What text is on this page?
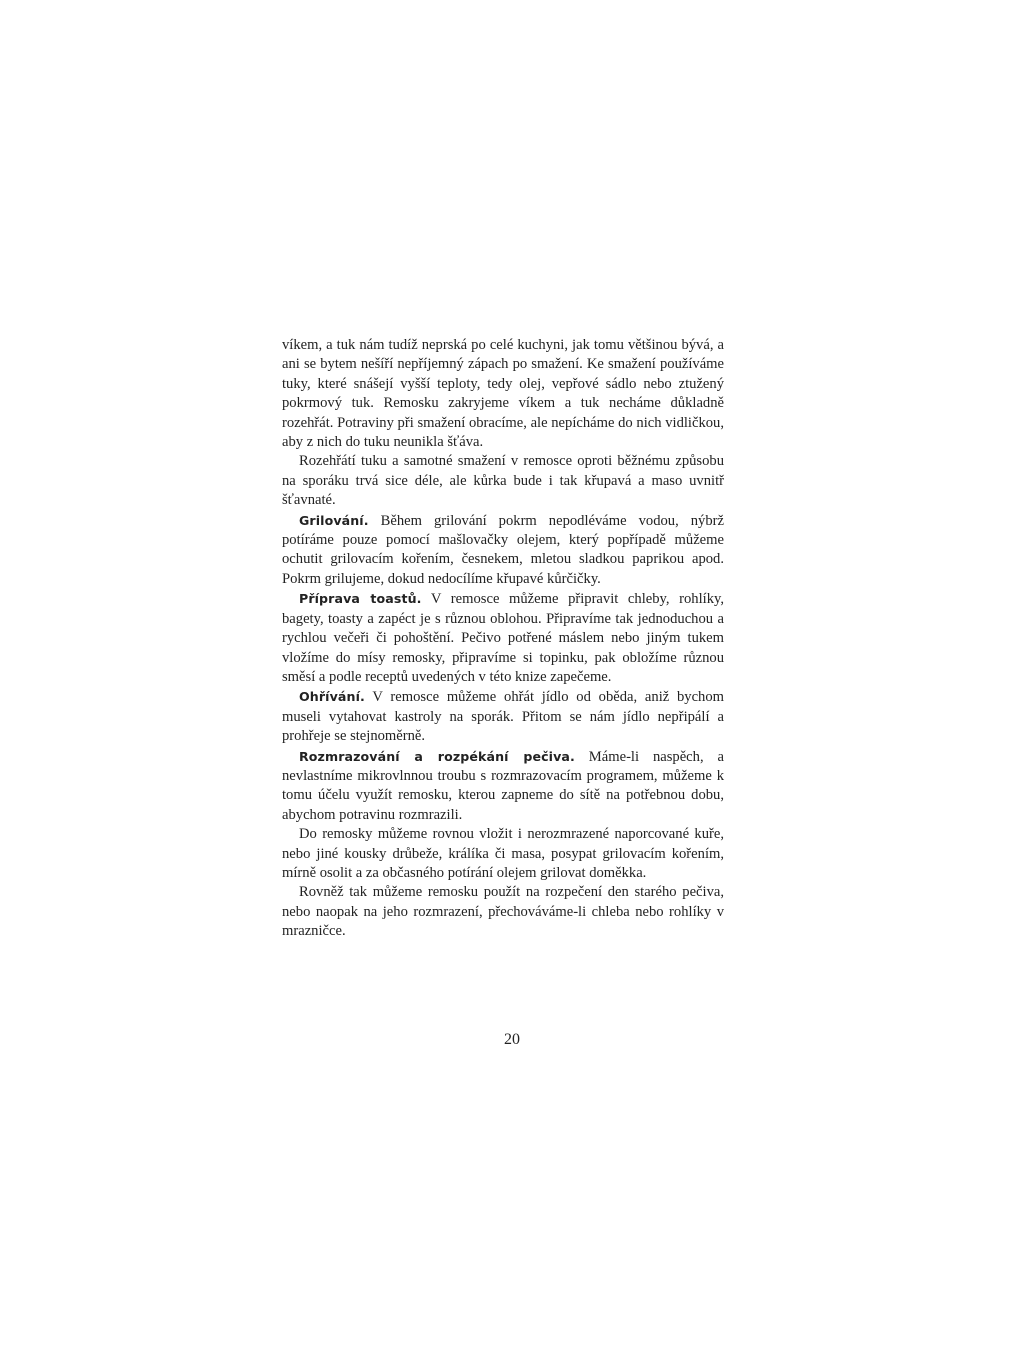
víkem, a tuk nám tudíž neprská po celé kuchyni, jak tomu většinou bývá, a ani se bytem nešíří nepříjemný zápach po smažení. Ke smažení používáme tuky, které snášejí vyšší teploty, tedy olej, vepřové sádlo nebo ztužený pokrmový tuk. Remosku zakryjeme víkem a tuk necháme důkladně rozehřát. Potraviny při smažení obracíme, ale nepícháme do nich vidličkou, aby z nich do tuku neunikla šťáva.

Rozehřátí tuku a samotné smažení v remosce oproti běžnému způsobu na sporáku trvá sice déle, ale kůrka bude i tak křupavá a maso uvnitř šťavnaté.

Grilování. Během grilování pokrm nepodléváme vodou, nýbrž potíráme pouze pomocí mašlovačky olejem, který popřípadě můžeme ochutit grilovacím kořením, česnekem, mletou sladkou paprikou apod. Pokrm grilujeme, dokud nedocílíme křupavé kůrčičky.

Příprava toastů. V remosce můžeme připravit chleby, rohlíky, bagety, toasty a zapéct je s různou oblohou. Připravíme tak jednoduchou a rychlou večeři či pohoštění. Pečivo potřené máslem nebo jiným tukem vložíme do mísy remosky, připravíme si topinku, pak obložíme různou směsí a podle receptů uvedených v této knize zapečeme.

Ohřívání. V remosce můžeme ohřát jídlo od oběda, aniž bychom museli vytahovat kastroly na sporák. Přitom se nám jídlo nepřipálí a prohřeje se stejnoměrně.

Rozmrazování a rozpékání pečiva. Máme-li naspěch, a nevlastníme mikrovlnnou troubu s rozmrazovacím programem, můžeme k tomu účelu využít remosku, kterou zapneme do sítě na potřebnou dobu, abychom potravinu rozmrazili.

Do remosky můžeme rovnou vložit i nerozmrazené naporcované kuře, nebo jiné kousky drůbeže, králíka či masa, posypat grilovacím kořením, mírně osolit a za občasného potírání olejem grilovat doměkka.

Rovněž tak můžeme remosku použít na rozpečení den starého pečiva, nebo naopak na jeho rozmrazení, přechováváme-li chleba nebo rohlíky v mrazničce.

20
